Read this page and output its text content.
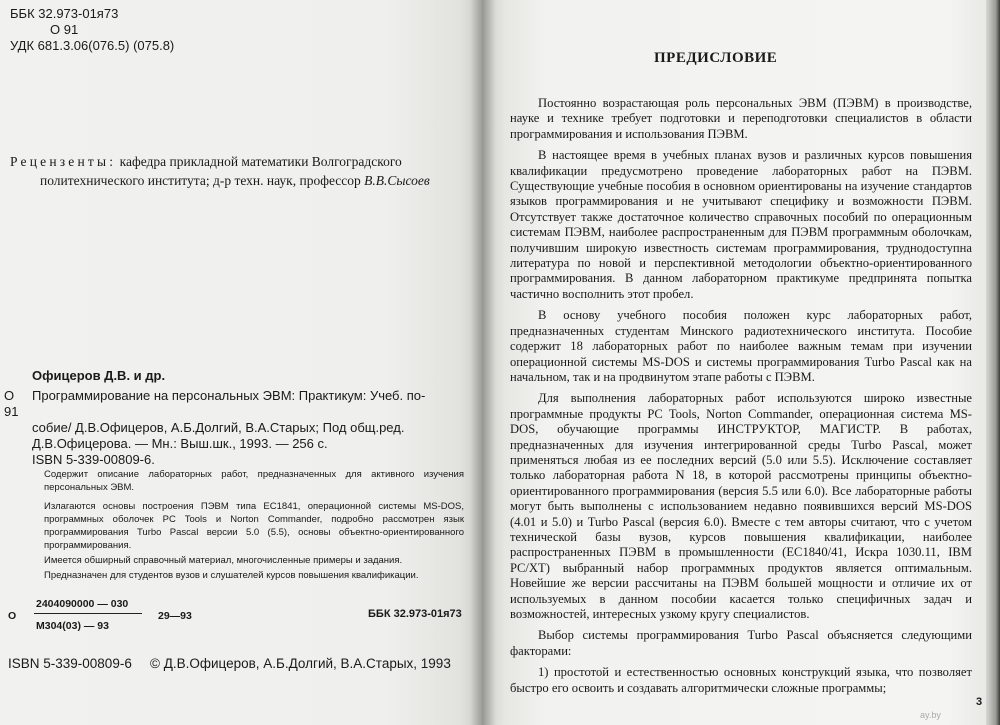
ББК 32.973-01я73
О 91
УДК 681.3.06(076.5) (075.8)
Рецензенты: кафедра прикладной математики Волгоградского
политехнического института; д-р техн. наук, профессор В.В.Сысоев
Офицеров Д.В. и др.
О 91
Программирование на персональных ЭВМ: Практикум: Учеб. по-
собие/ Д.В.Офицеров, А.Б.Долгий, В.А.Старых; Под общ.ред.
Д.В.Офицерова. — Мн.: Выш.шк., 1993. — 256 с.
ISBN 5-339-00809-6.

Содержит описание лабораторных работ, предназначенных для активного изучения персональных ЭВМ.

Излагаются основы построения ПЭВМ типа ЕС1841, операционной системы MS-DOS, программных оболочек PC Tools и Norton Commander, подробно рассмотрен язык программирования Turbo Pascal версии 5.0 (5.5), основы объектно-ориентированного программирования.

Имеется обширный справочный материал, многочисленные примеры и задания.

Предназначен для студентов вузов и слушателей курсов повышения квалификации.

О
2404090000 — 030
М304(03) — 93
29—93	ББК 32.973-01я73
ISBN 5-339-00809-6 © Д.В.Офицеров, А.Б.Долгий, В.А.Старых, 1993
ПРЕДИСЛОВИЕ

Постоянно возрастающая роль персональных ЭВМ (ПЭВМ) в производстве, науке и технике требует подготовки и переподготовки специалистов в области программирования и использования ПЭВМ.

В настоящее время в учебных планах вузов и различных курсов повышения квалификации предусмотрено проведение лабораторных работ на ПЭВМ. Существующие учебные пособия в основном ориентированы на изучение стандартов языков программирования и не учитывают специфику и возможности ПЭВМ. Отсутствует также достаточное количество справочных пособий по операционным системам ПЭВМ, наиболее распространенным для ПЭВМ программным оболочкам, получившим широкую известность системам программирования, труднодоступна литература по новой и перспективной методологии объектно-ориентированного программирования. В данном лабораторном практикуме предпринята попытка частично восполнить этот пробел.

В основу учебного пособия положен курс лабораторных работ, предназначенных студентам Минского радиотехнического института. Пособие содержит 18 лабораторных работ по наиболее важным темам при изучении операционной системы MS-DOS и системы программирования Turbo Pascal как на начальном, так и на продвинутом этапе работы с ПЭВМ.

Для выполнения лабораторных работ используются широко известные программные продукты PC Tools, Norton Commander, операционная система MS-DOS, обучающие программы ИНСТРУКТОР, МАГИСТР. В работах, предназначенных для изучения интегрированной среды Turbo Pascal, может применяться любая из ее последних версий (5.0 или 5.5). Исключение составляет только лабораторная работа N 18, в которой рассмотрены принципы объектно-ориентированного программирования (версия 5.5 или 6.0). Все лабораторные работы могут быть выполнены с использованием недавно появившихся версий MS-DOS (4.01 и 5.0) и Turbo Pascal (версия 6.0). Вместе с тем авторы считают, что с учетом технической базы вузов, курсов повышения квалификации, наиболее распространенных ПЭВМ в промышленности (ЕС1840/41, Искра 1030.11, IBM PC/XT) выбранный набор программных продуктов является оптимальным. Новейшие же версии рассчитаны на ПЭВМ большей мощности и отличие их от используемых в данном пособии касается только специфичных задач и возможностей, интересных узкому кругу специалистов.

Выбор системы программирования Turbo Pascal объясняется следующими факторами:

1) простотой и естественностью основных конструкций языка, что позволяет быстро его освоить и создавать алгоритмически сложные программы;

3
ay.by
